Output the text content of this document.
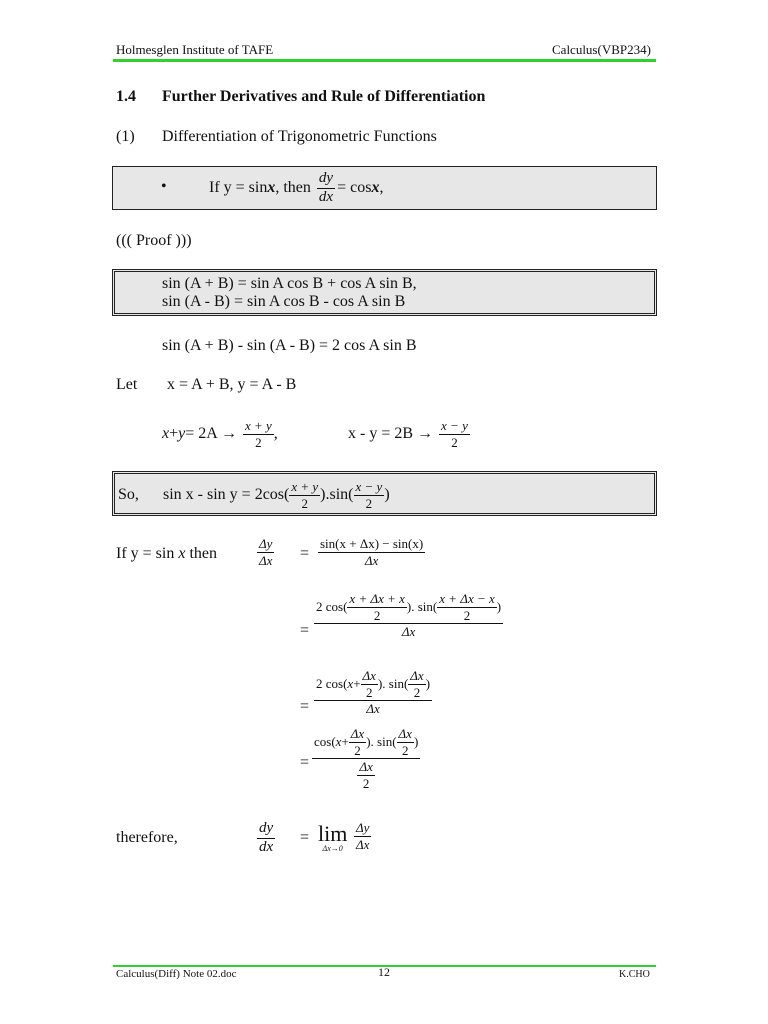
Holmesglen Institute of TAFE	Calculus(VBP234)
1.4 Further Derivatives and Rule of Differentiation
(1) Differentiation of Trigonometric Functions
•	If y = sin x , then $\frac{dy}{dx} = \cos x$ ,
((( Proof )))
sin (A + B) = sin A cos B + cos A sin B,
sin (A - B) = sin A cos B - cos A sin B
sin (A + B) - sin (A - B) = 2 cos A sin B
Let x = A + B, y = A - B
$x + y = 2A \to \frac{x + y}{2}$ ,	$x - y = 2B \to \frac{x - y}{2}$
So, $\sin x - \sin y = 2\cos( \frac{x + y}{2} ).\sin( \frac{x - y}{2}$ )
If y = sin x then	$\frac{\Delta y}{\Delta x} = \frac{\sin(x + \Delta x) - \sin(x)}{\Delta x}$
=
2 $\cos( \frac{x + \Delta x + x}{2}$ ). $\sin( \frac{x + \Delta x - x}{2}$ )
Δx
=
2 cos( $x + \frac{\Delta x}{2}$ ). $\sin( \frac{\Delta x}{2}$ )
Δx
=
cos( $x + \frac{\Delta x}{2}$ ). $\sin( \frac{\Delta x}{2}$ )
$\frac{\Delta x}{2}$
therefore,	$\frac{dy}{dx} = \lim$
$\Delta x\to 0 \frac{\Delta y}{\Delta x}$
Calculus(Diff) Note 02.doc	12	K.CHO
